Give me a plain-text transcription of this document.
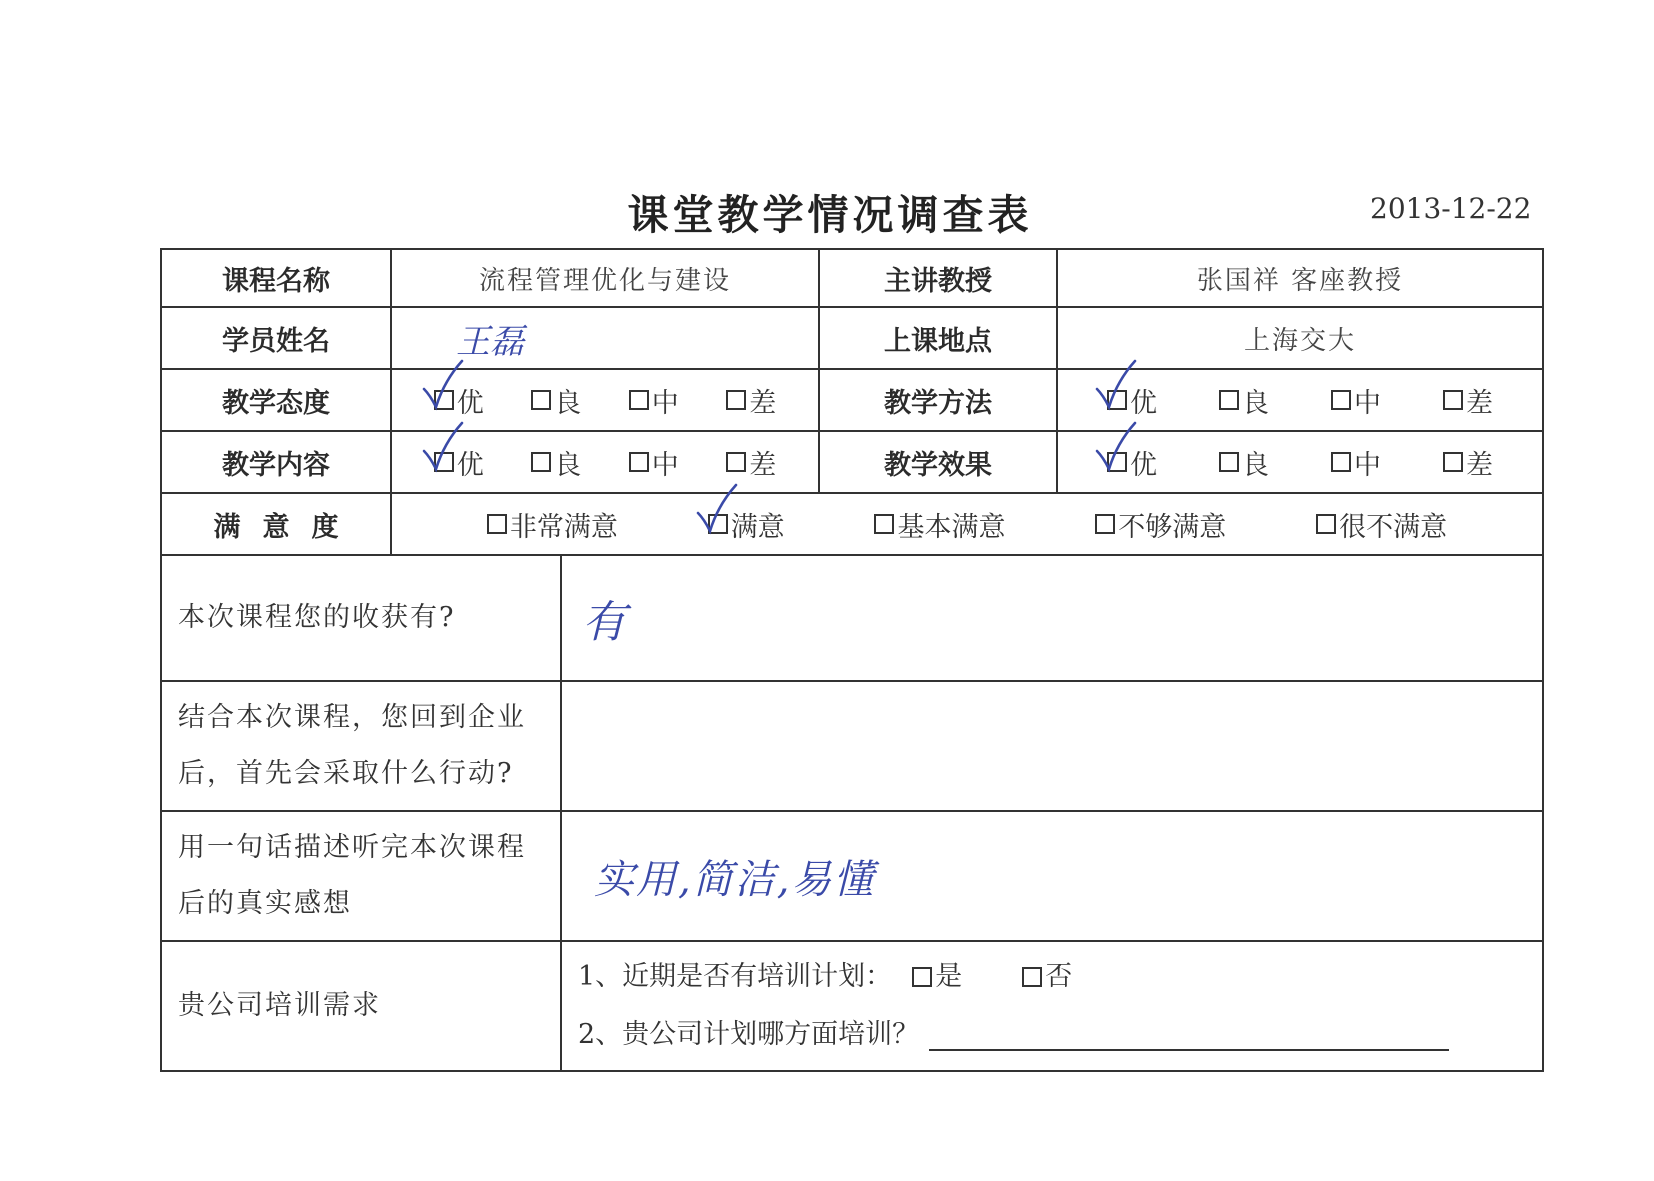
课堂教学情况调查表	2013-12-22
课程名称	流程管理优化与建设		主讲教授	张国祥 客座教授
学员姓名	王磊		上课地点	上海交大
教学态度	优 良 中 差		教学方法	优 良 中 差

教学内容	优 良 中 差		教学效果	优 良 中 差

满意度	非常满意 满意 基本满意 不够满意 很不满意			

本次课程您的收获有?		有		
结合本次课程，您回到企业后，首先会采取什么行动?				
用一句话描述听完本次课程后的真实感想		实用,简洁,易懂		
贵公司培训需求		1、近期是否有培训计划： 是 否
2、贵公司计划哪方面培训？		
